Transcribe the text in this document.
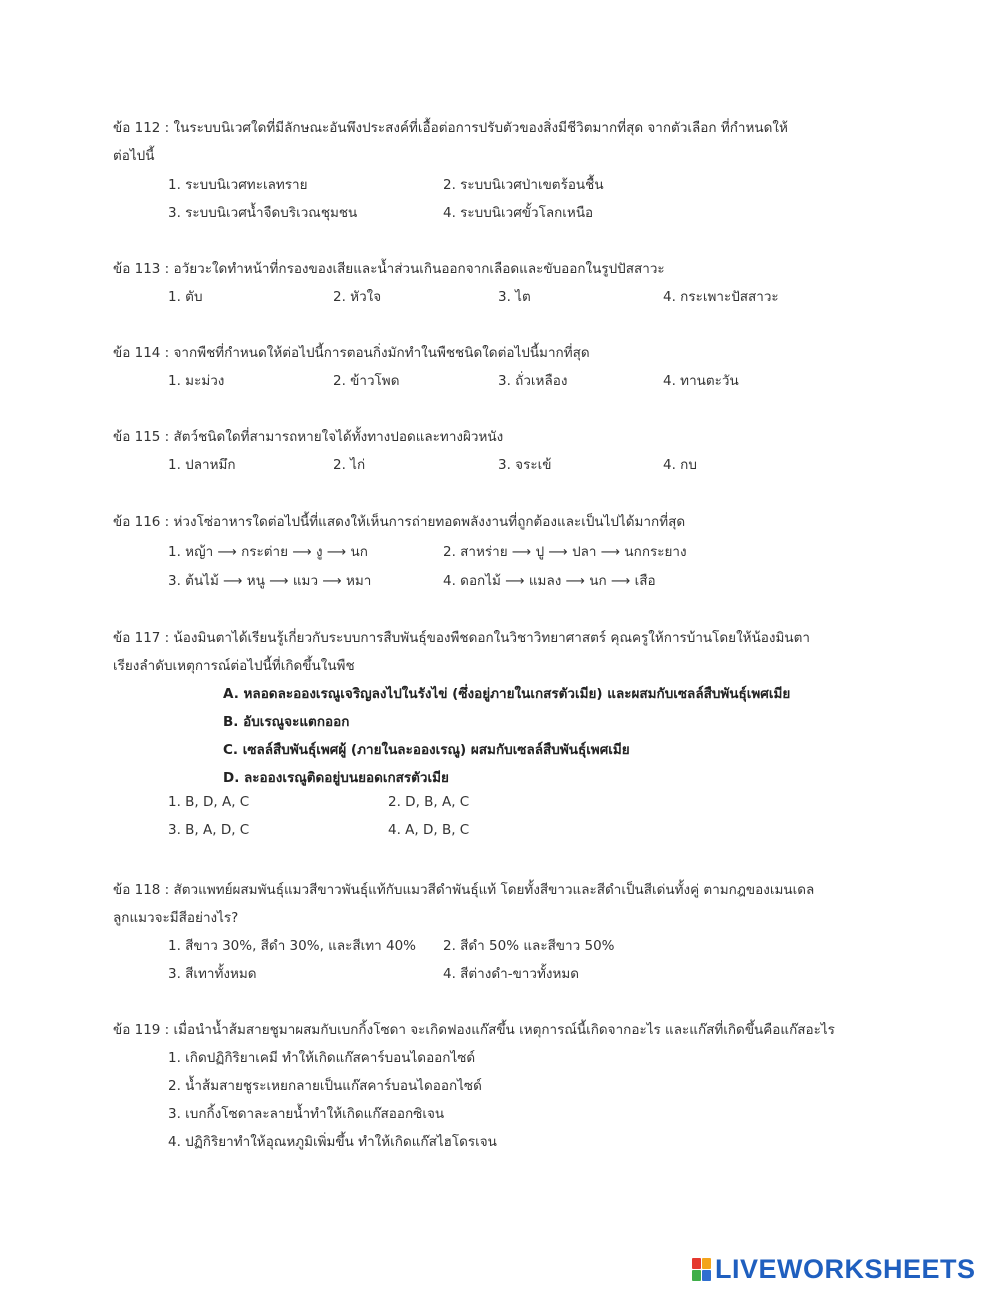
ข้อ 112 : ในระบบนิเวศใดที่มีลักษณะอันพึงประสงค์ที่เอื้อต่อการปรับตัวของสิ่งมีชีวิตมากที่สุด จากตัวเลือก ที่กำหนดให้
ต่อไปนี้
1. ระบบนิเวศทะเลทราย	2. ระบบนิเวศป่าเขตร้อนชื้น
3. ระบบนิเวศน้ำจืดบริเวณชุมชน	4. ระบบนิเวศขั้วโลกเหนือ
ข้อ 113 : อวัยวะใดทำหน้าที่กรองของเสียและน้ำส่วนเกินออกจากเลือดและขับออกในรูปปัสสาวะ
1. ตับ	2. หัวใจ	3. ไต	4. กระเพาะปัสสาวะ
ข้อ 114 : จากพืชที่กำหนดให้ต่อไปนี้การตอนกิ่งมักทำในพืชชนิดใดต่อไปนี้มากที่สุด
1. มะม่วง	2. ข้าวโพด	3. ถั่วเหลือง	4. ทานตะวัน
ข้อ 115 : สัตว์ชนิดใดที่สามารถหายใจได้ทั้งทางปอดและทางผิวหนัง
1. ปลาหมึก	2. ไก่	3. จระเข้	4. กบ
ข้อ 116 : ห่วงโซ่อาหารใดต่อไปนี้ที่แสดงให้เห็นการถ่ายทอดพลังงานที่ถูกต้องและเป็นไปได้มากที่สุด
1. หญ้า ⟶ กระต่าย ⟶ งู ⟶ นก	2. สาหร่าย ⟶ ปู ⟶ ปลา ⟶ นกกระยาง
3. ต้นไม้ ⟶ หนู ⟶ แมว ⟶ หมา	4. ดอกไม้ ⟶ แมลง ⟶ นก ⟶ เสือ
ข้อ 117 : น้องมินตาได้เรียนรู้เกี่ยวกับระบบการสืบพันธุ์ของพืชดอกในวิชาวิทยาศาสตร์ คุณครูให้การบ้านโดยให้น้องมินตา
เรียงลำดับเหตุการณ์ต่อไปนี้ที่เกิดขึ้นในพืช
A. หลอดละอองเรณูเจริญลงไปในรังไข่ (ซึ่งอยู่ภายในเกสรตัวเมีย) และผสมกับเซลล์สืบพันธุ์เพศเมีย
B. อับเรณูจะแตกออก
C. เซลล์สืบพันธุ์เพศผู้ (ภายในละอองเรณู) ผสมกับเซลล์สืบพันธุ์เพศเมีย
D. ละอองเรณูติดอยู่บนยอดเกสรตัวเมีย
1. B, D, A, C	2. D, B, A, C
3. B, A, D, C	4. A, D, B, C
ข้อ 118 : สัตวแพทย์ผสมพันธุ์แมวสีขาวพันธุ์แท้กับแมวสีดำพันธุ์แท้ โดยทั้งสีขาวและสีดำเป็นสีเด่นทั้งคู่ ตามกฎของเมนเดล
ลูกแมวจะมีสีอย่างไร?
1. สีขาว 30%, สีดำ 30%, และสีเทา 40% 2. สีดำ 50% และสีขาว 50%
3. สีเทาทั้งหมด	4. สีต่างดำ-ขาวทั้งหมด
ข้อ 119 : เมื่อนำน้ำส้มสายชูมาผสมกับเบกกิ้งโซดา จะเกิดฟองแก๊สขึ้น เหตุการณ์นี้เกิดจากอะไร และแก๊สที่เกิดขึ้นคือแก๊สอะไร
1. เกิดปฏิกิริยาเคมี ทำให้เกิดแก๊สคาร์บอนไดออกไซด์
2. น้ำส้มสายชูระเหยกลายเป็นแก๊สคาร์บอนไดออกไซด์
3. เบกกิ้งโซดาละลายน้ำทำให้เกิดแก๊สออกซิเจน
4. ปฏิกิริยาทำให้อุณหภูมิเพิ่มขึ้น ทำให้เกิดแก๊สไฮโดรเจน
LIVEWORKSHEETS
